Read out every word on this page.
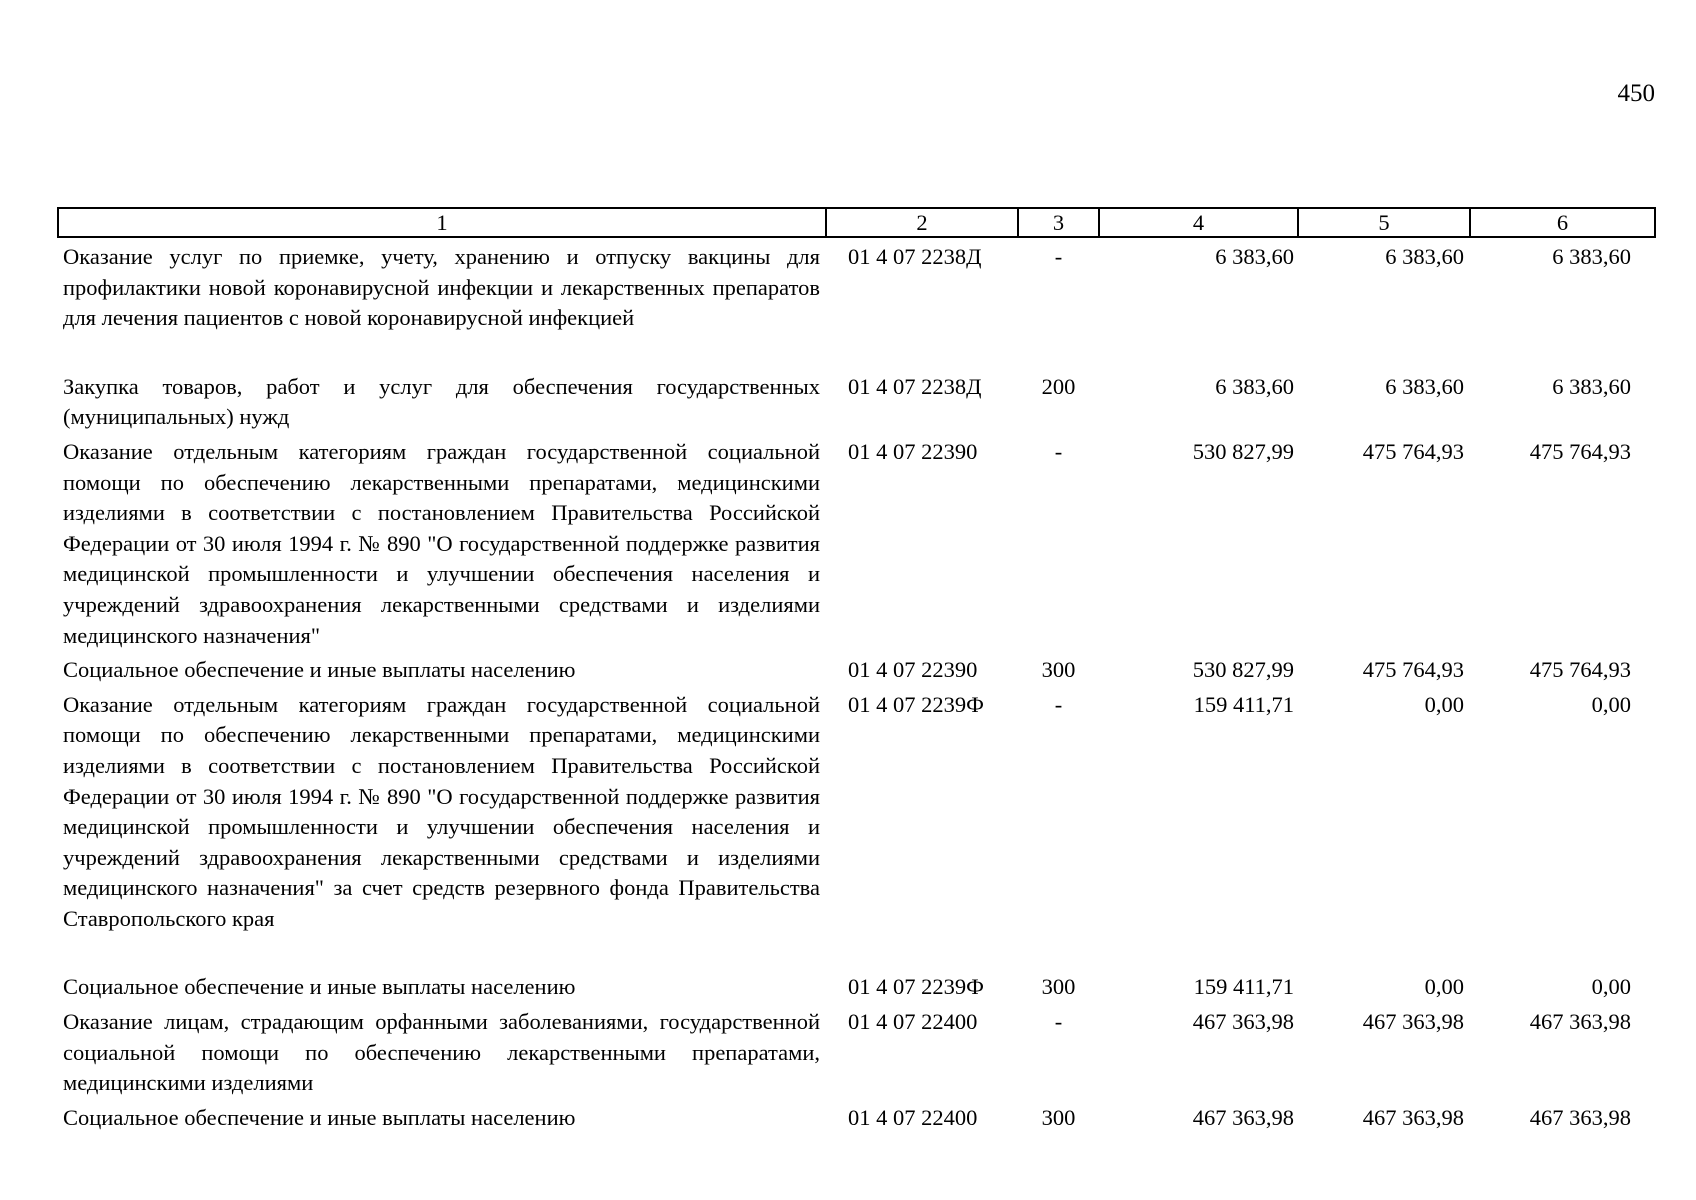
450
1	2	3	4	5	6
Оказание услуг по приемке, учету, хранению и отпуску вакцины для профилактики новой коронавирусной инфекции и лекарственных препаратов для лечения пациентов с новой коронавирусной инфекцией	01 4 07 2238Д	-	6 383,60	6 383,60	6 383,60
Закупка товаров, работ и услуг для обеспечения государственных (муниципальных) нужд	01 4 07 2238Д	200	6 383,60	6 383,60	6 383,60
Оказание отдельным категориям граждан государственной социальной помощи по обеспечению лекарственными препаратами, медицинскими изделиями в соответствии с постановлением Правительства Российской Федерации от 30 июля 1994 г. № 890 "О государственной поддержке развития медицинской промышленности и улучшении обеспечения населения и учреждений здравоохранения лекарственными средствами и изделиями медицинского назначения"	01 4 07 22390	-	530 827,99	475 764,93	475 764,93
Социальное обеспечение и иные выплаты населению	01 4 07 22390	300	530 827,99	475 764,93	475 764,93
Оказание отдельным категориям граждан государственной социальной помощи по обеспечению лекарственными препаратами, медицинскими изделиями в соответствии с постановлением Правительства Российской Федерации от 30 июля 1994 г. № 890 "О государственной поддержке развития медицинской промышленности и улучшении обеспечения населения и учреждений здравоохранения лекарственными средствами и изделиями медицинского назначения" за счет средств резервного фонда Правительства Ставропольского края	01 4 07 2239Ф	-	159 411,71	0,00	0,00
Социальное обеспечение и иные выплаты населению	01 4 07 2239Ф	300	159 411,71	0,00	0,00
Оказание лицам, страдающим орфанными заболеваниями, государственной социальной помощи по обеспечению лекарственными препаратами, медицинскими изделиями	01 4 07 22400	-	467 363,98	467 363,98	467 363,98
Социальное обеспечение и иные выплаты населению	01 4 07 22400	300	467 363,98	467 363,98	467 363,98
